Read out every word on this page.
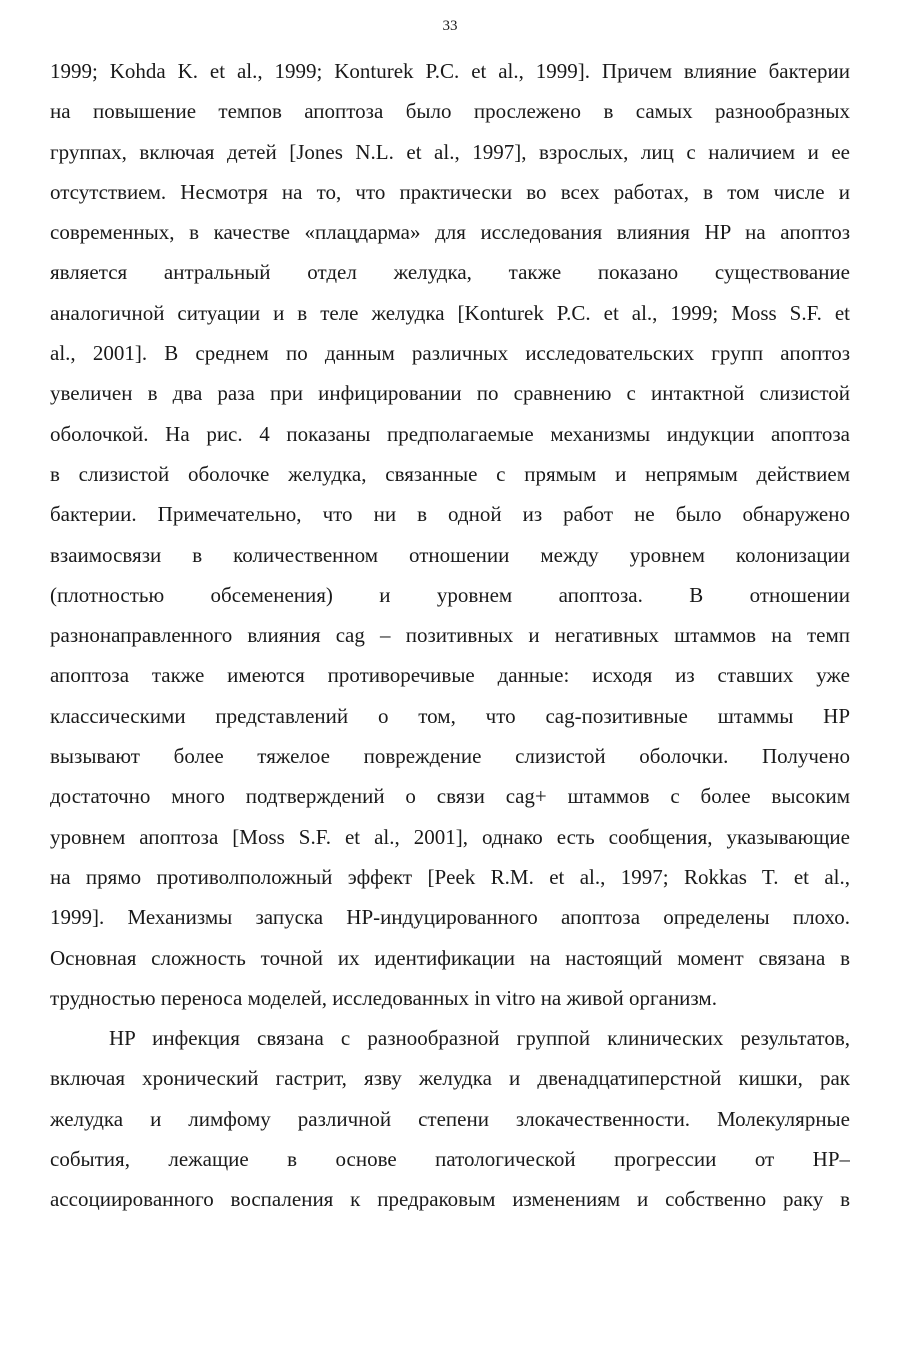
33
1999; Kohda K. et al., 1999; Konturek P.C. et al., 1999]. Причем влияние бактерии
на повышение темпов апоптоза было прослежено в самых разнообразных
группах, включая детей [Jones N.L. et al., 1997], взрослых, лиц с наличием и ее
отсутствием. Несмотря на то, что практически во всех работах, в том числе и
современных, в качестве «плацдарма» для исследования влияния HP на апоптоз
является антральный отдел желудка, также показано существование
аналогичной ситуации и в теле желудка [Konturek P.C. et al., 1999; Moss S.F. et
al., 2001]. В среднем по данным различных исследовательских групп апоптоз
увеличен в два раза при инфицировании по сравнению с интактной слизистой
оболочкой. На рис. 4 показаны предполагаемые механизмы индукции апоптоза
в слизистой оболочке желудка, связанные с прямым и непрямым действием
бактерии. Примечательно, что ни в одной из работ не было обнаружено
взаимосвязи в количественном отношении между уровнем колонизации
(плотностью обсеменения) и уровнем апоптоза. В отношении
разнонаправленного влияния cag – позитивных и негативных штаммов на темп
апоптоза также имеются противоречивые данные: исходя из ставших уже
классическими представлений о том, что cag-позитивные штаммы HP
вызывают более тяжелое повреждение слизистой оболочки. Получено
достаточно много подтверждений о связи cag+ штаммов с более высоким
уровнем апоптоза [Moss S.F. et al., 2001], однако есть сообщения, указывающие
на прямо противолположный эффект [Peek R.M. et al., 1997; Rokkas T. et al.,
1999]. Механизмы запуска HP-индуцированного апоптоза определены плохо.
Основная сложность точной их идентификации на настоящий момент связана в
трудностью переноса моделей, исследованных in vitro на живой организм.
HP инфекция связана с разнообразной группой клинических результатов,
включая хронический гастрит, язву желудка и двенадцатиперстной кишки, рак
желудка и лимфому различной степени злокачественности. Молекулярные
события, лежащие в основе патологической прогрессии от HP–
ассоциированного воспаления к предраковым изменениям и собственно раку в
